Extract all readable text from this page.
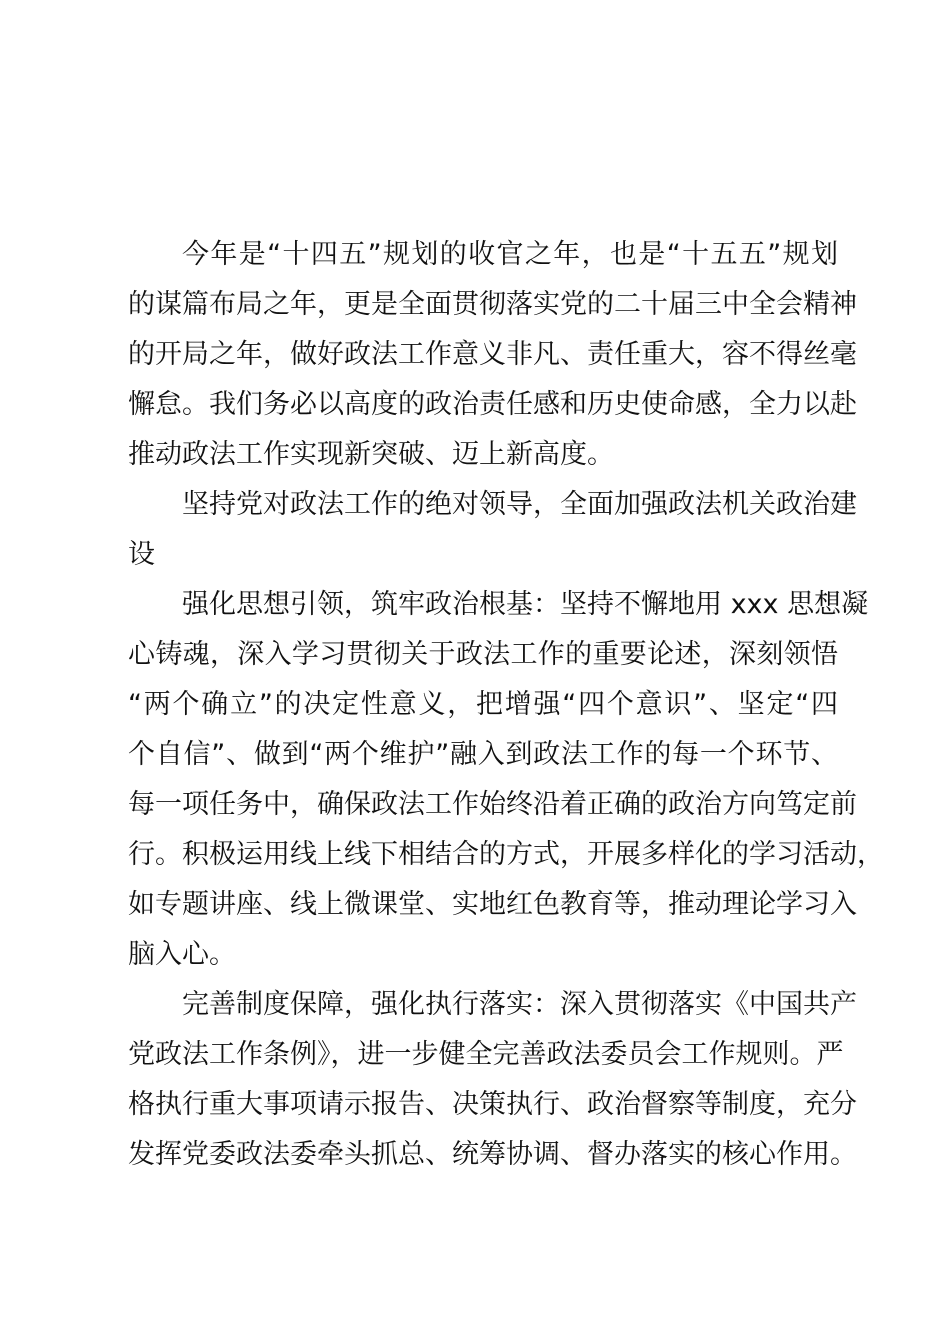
今年是“十四五”规划的收官之年，也是“十五五”规划
的谋篇布局之年，更是全面贯彻落实党的二十届三中全会精神
的开局之年，做好政法工作意义非凡、责任重大，容不得丝毫
懈怠。我们务必以高度的政治责任感和历史使命感，全力以赴
推动政法工作实现新突破、迈上新高度。
坚持党对政法工作的绝对领导，全面加强政法机关政治建
设
强化思想引领，筑牢政治根基：坚持不懈地用 xxx 思想凝
心铸魂，深入学习贯彻关于政法工作的重要论述，深刻领悟
“两个确立”的决定性意义，把增强“四个意识”、坚定“四
个自信”、做到“两个维护”融入到政法工作的每一个环节、
每一项任务中，确保政法工作始终沿着正确的政治方向笃定前
行。积极运用线上线下相结合的方式，开展多样化的学习活动，
如专题讲座、线上微课堂、实地红色教育等，推动理论学习入
脑入心。
完善制度保障，强化执行落实：深入贯彻落实《中国共产
党政法工作条例》，进一步健全完善政法委员会工作规则。严
格执行重大事项请示报告、决策执行、政治督察等制度，充分
发挥党委政法委牵头抓总、统筹协调、督办落实的核心作用。
